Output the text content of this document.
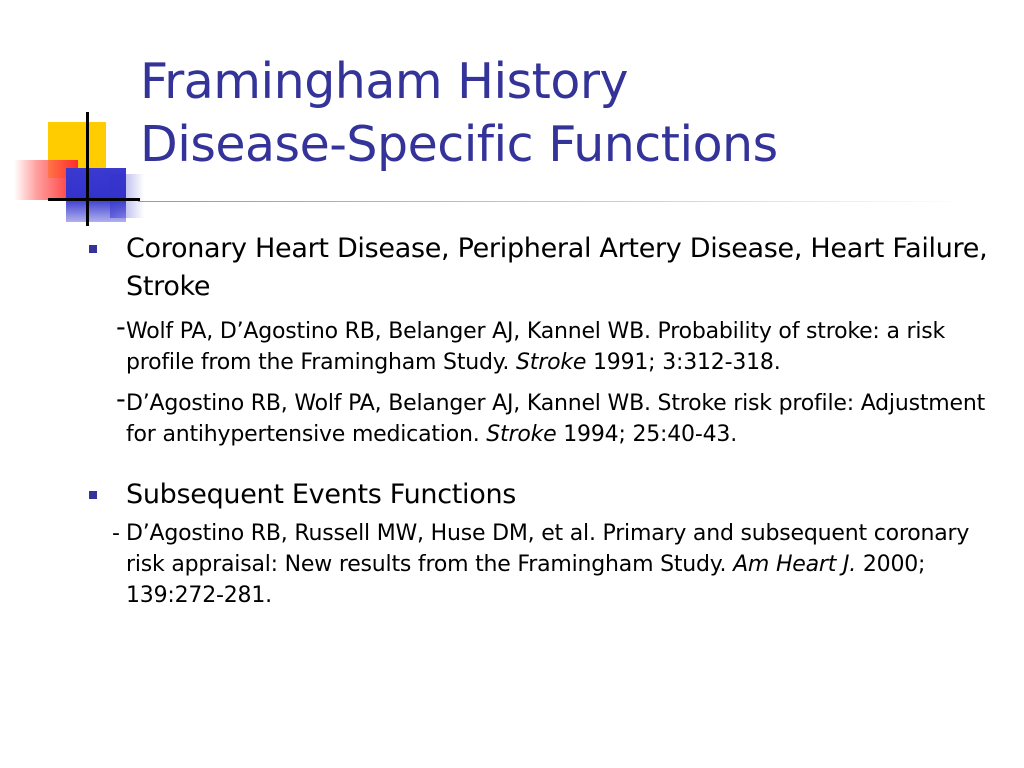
Framingham History
Disease-Specific Functions
Coronary Heart Disease, Peripheral Artery Disease, Heart Failure, Stroke
- Wolf PA, D’Agostino RB, Belanger AJ, Kannel WB. Probability of stroke: a risk profile from the Framingham Study. Stroke 1991; 3:312-318.
- D’Agostino RB, Wolf PA, Belanger AJ, Kannel WB. Stroke risk profile: Adjustment for antihypertensive medication. Stroke 1994; 25:40-43.
Subsequent Events Functions
- D’Agostino RB, Russell MW, Huse DM, et al. Primary and subsequent coronary risk appraisal: New results from the Framingham Study. Am Heart J. 2000; 139:272-281.
